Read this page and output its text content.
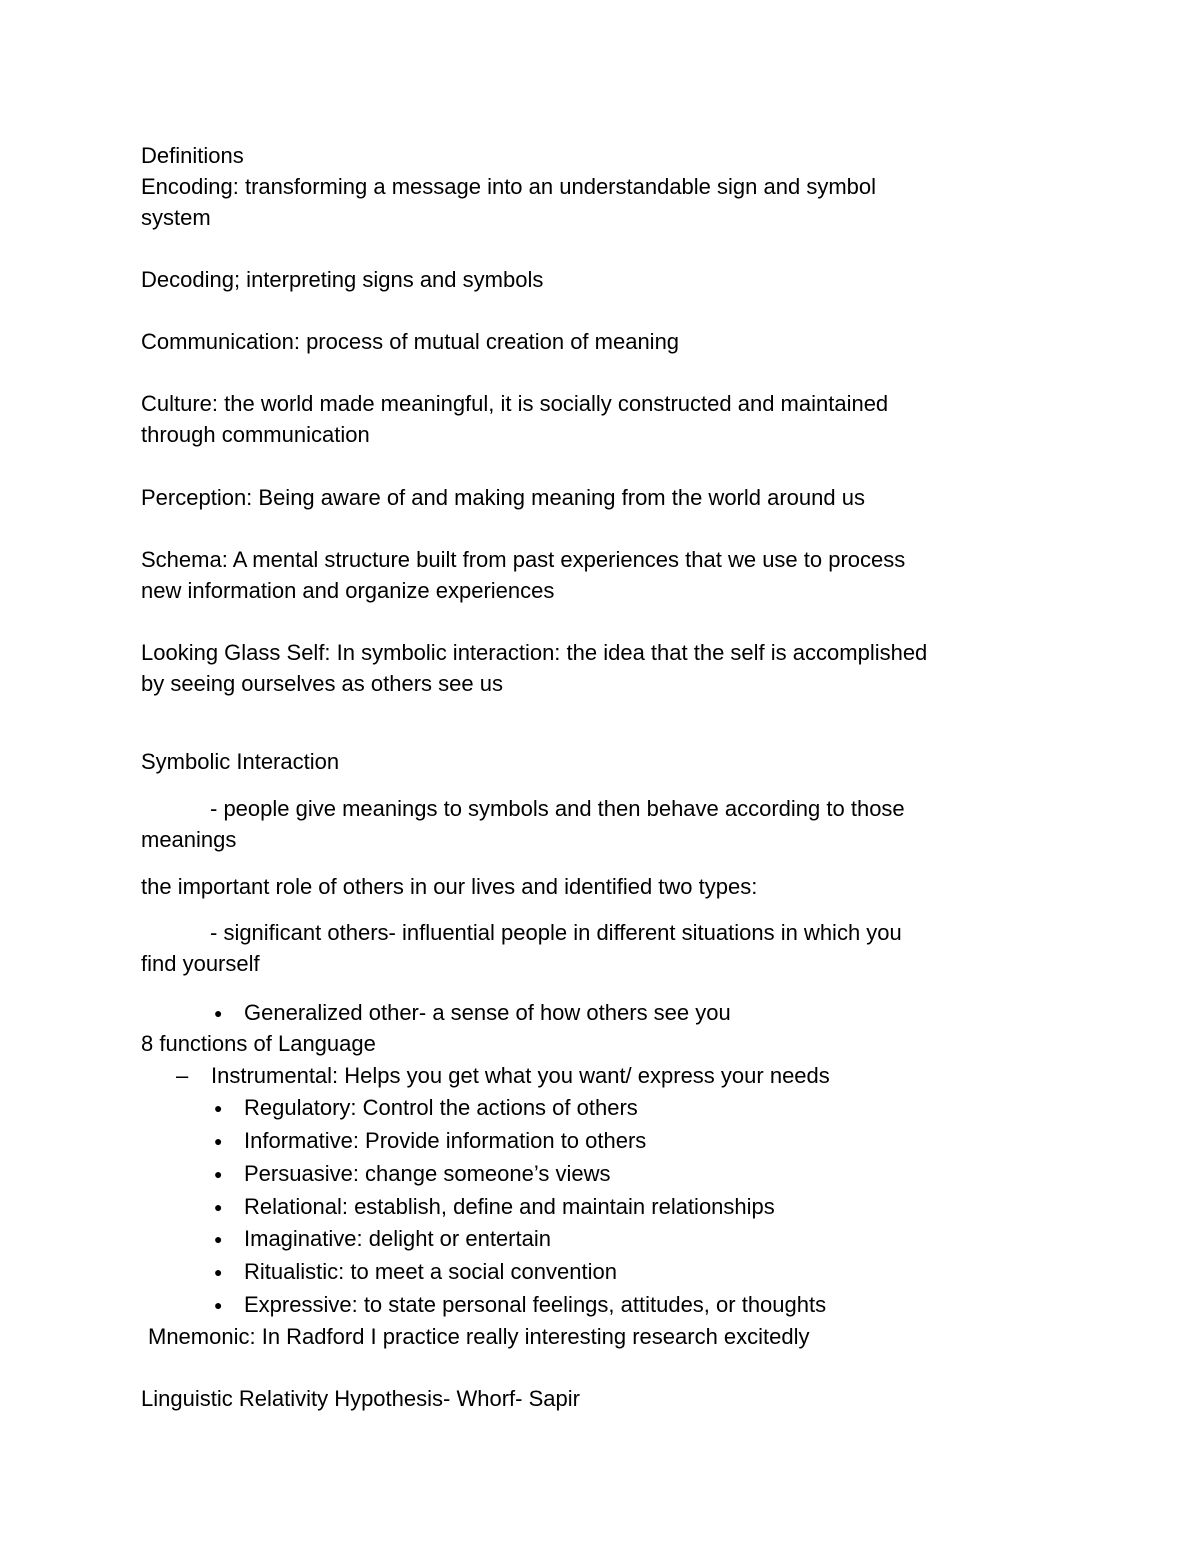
Definitions
Encoding: transforming a message into an understandable sign and symbol
system
Decoding; interpreting signs and symbols
Communication: process of mutual creation of meaning
Culture: the world made meaningful, it is socially constructed and maintained
through communication
Perception: Being aware of and making meaning from the world around us
Schema: A mental structure built from past experiences that we use to process
new information and organize experiences
Looking Glass Self: In symbolic interaction: the idea that the self is accomplished
by seeing ourselves as others see us
Symbolic Interaction
- people give meanings to symbols and then behave according to those
meanings
the important role of others in our lives and identified two types:
- significant others- influential people in different situations in which you
find yourself
● Generalized other- a sense of how others see you
8 functions of Language
– Instrumental: Helps you get what you want/ express your needs
● Regulatory: Control the actions of others
● Informative: Provide information to others
● Persuasive: change someone’s views
● Relational: establish, define and maintain relationships
● Imaginative: delight or entertain
● Ritualistic: to meet a social convention
● Expressive: to state personal feelings, attitudes, or thoughts
Mnemonic: In Radford I practice really interesting research excitedly
Linguistic Relativity Hypothesis- Whorf- Sapir
